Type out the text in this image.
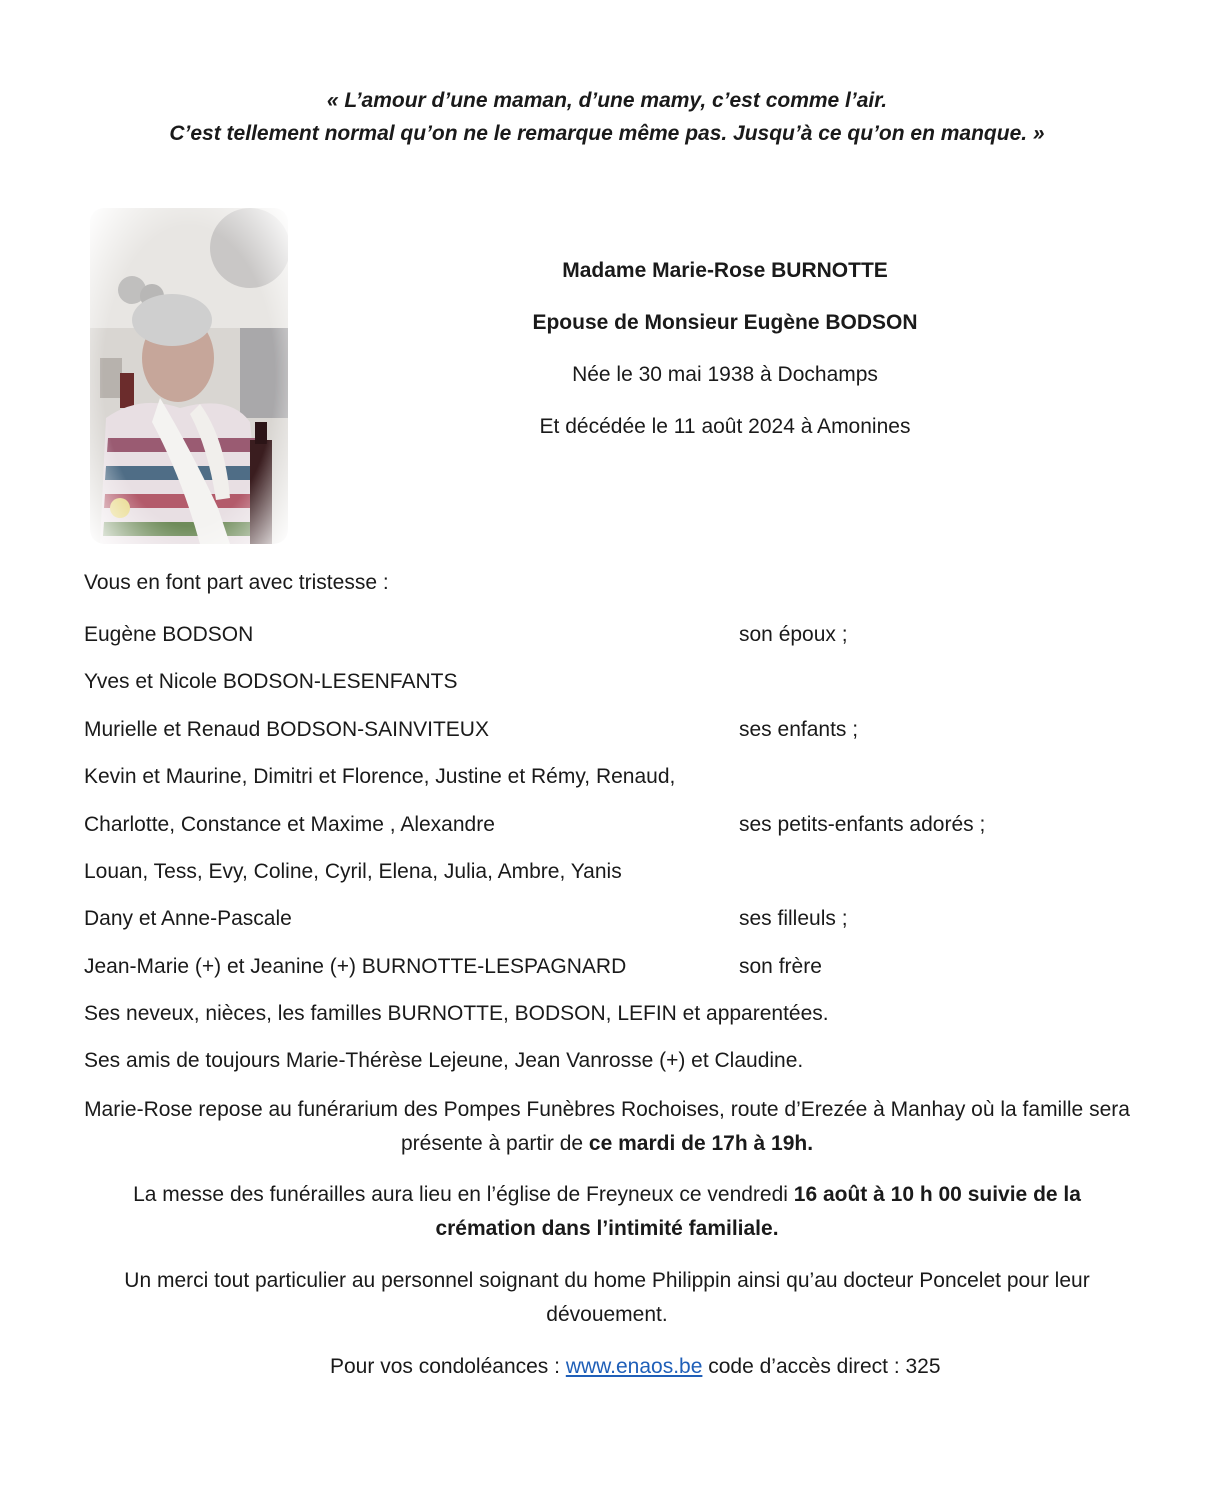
« L’amour d’une maman, d’une mamy, c’est comme l’air.
C’est tellement normal qu’on ne le remarque même pas. Jusqu’à ce qu’on en manque. »
Madame Marie-Rose BURNOTTE
Epouse de Monsieur Eugène BODSON
Née le 30 mai 1938 à Dochamps
Et décédée le 11 août 2024 à Amonines
Vous en font part avec tristesse :
Eugène BODSON	son époux ;
Yves et Nicole BODSON-LESENFANTS
Murielle et Renaud BODSON-SAINVITEUX	ses enfants ;
Kevin et Maurine, Dimitri et Florence, Justine et Rémy, Renaud,
Charlotte, Constance et Maxime , Alexandre	ses petits-enfants adorés ;
Louan, Tess, Evy, Coline, Cyril, Elena, Julia, Ambre, Yanis
Dany et Anne-Pascale	ses filleuls ;
Jean-Marie (+) et Jeanine (+) BURNOTTE-LESPAGNARD	son frère
Ses neveux, nièces, les familles BURNOTTE, BODSON, LEFIN et apparentées.
Ses amis de toujours Marie-Thérèse Lejeune, Jean Vanrosse (+) et Claudine.
Marie-Rose repose au funérarium des Pompes Funèbres Rochoises, route d’Erezée à Manhay où la famille sera présente à partir de ce mardi de 17h à 19h.
La messe des funérailles aura lieu en l’église de Freyneux ce vendredi 16 août à 10 h 00 suivie de la crémation dans l’intimité familiale.
Un merci tout particulier au personnel soignant du home Philippin ainsi qu’au docteur Poncelet pour leur dévouement.
Pour vos condoléances : www.enaos.be code d’accès direct : 325
